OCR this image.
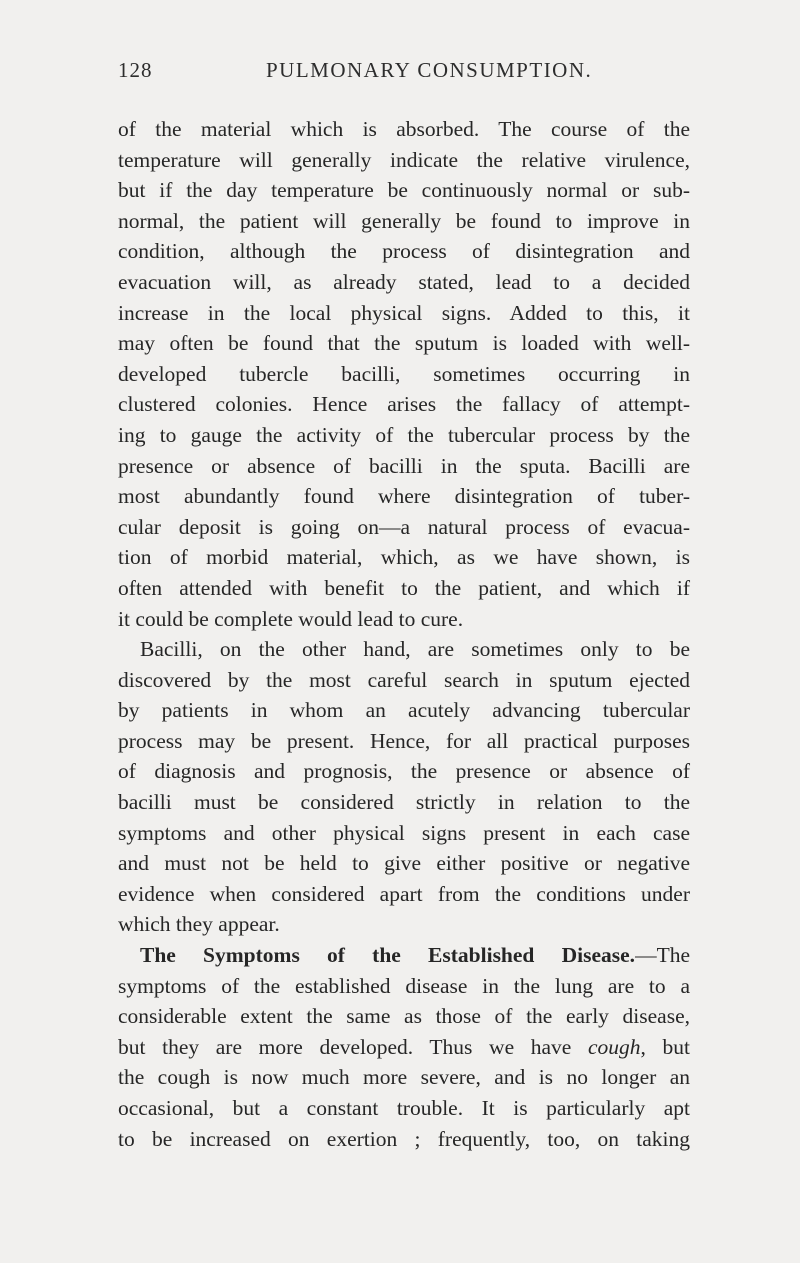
128	PULMONARY CONSUMPTION.
of the material which is absorbed. The course of the
temperature will generally indicate the relative virulence,
but if the day temperature be continuously normal or sub-
normal, the patient will generally be found to improve in
condition, although the process of disintegration and
evacuation will, as already stated, lead to a decided
increase in the local physical signs. Added to this, it
may often be found that the sputum is loaded with well-
developed tubercle bacilli, sometimes occurring in
clustered colonies. Hence arises the fallacy of attempt-
ing to gauge the activity of the tubercular process by the
presence or absence of bacilli in the sputa. Bacilli are
most abundantly found where disintegration of tuber-
cular deposit is going on—a natural process of evacua-
tion of morbid material, which, as we have shown, is
often attended with benefit to the patient, and which if
it could be complete would lead to cure.
Bacilli, on the other hand, are sometimes only to be
discovered by the most careful search in sputum ejected
by patients in whom an acutely advancing tubercular
process may be present. Hence, for all practical purposes
of diagnosis and prognosis, the presence or absence of
bacilli must be considered strictly in relation to the
symptoms and other physical signs present in each case
and must not be held to give either positive or negative
evidence when considered apart from the conditions under
which they appear.
The Symptoms of the Established Disease.—The
symptoms of the established disease in the lung are to a
considerable extent the same as those of the early disease,
but they are more developed. Thus we have cough, but
the cough is now much more severe, and is no longer an
occasional, but a constant trouble. It is particularly apt
to be increased on exertion ; frequently, too, on taking
